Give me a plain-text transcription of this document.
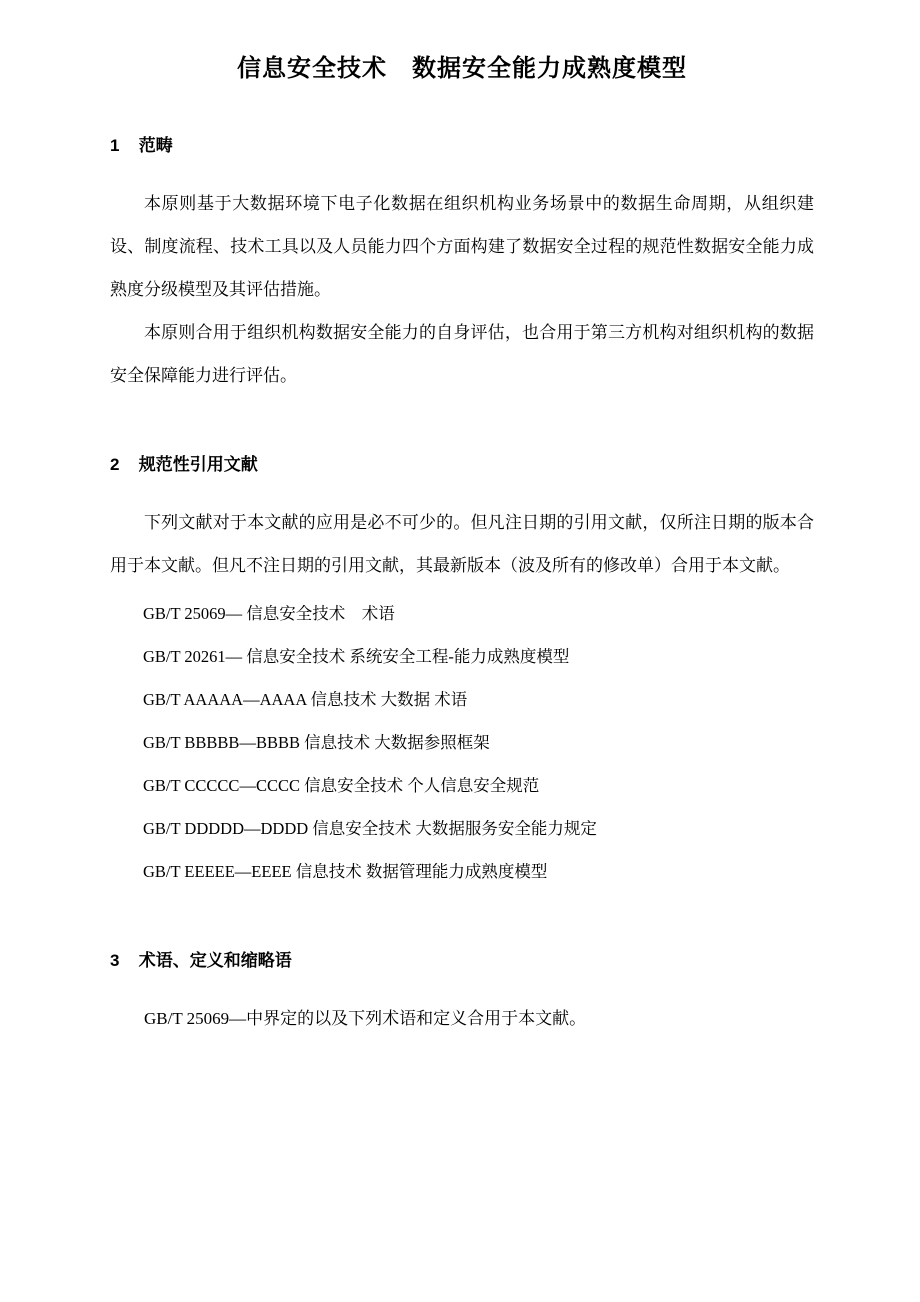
信息安全技术　数据安全能力成熟度模型
1 范畴

本原则基于大数据环境下电子化数据在组织机构业务场景中的数据生命周期，从组织建设、制度流程、技术工具以及人员能力四个方面构建了数据安全过程的规范性数据安全能力成熟度分级模型及其评估措施。

本原则合用于组织机构数据安全能力的自身评估，也合用于第三方机构对组织机构的数据安全保障能力进行评估。

2 规范性引用文献

下列文献对于本文献的应用是必不可少的。但凡注日期的引用文献，仅所注日期的版本合用于本文献。但凡不注日期的引用文献，其最新版本（波及所有的修改单）合用于本文献。

GB/T 25069— 信息安全技术　术语

GB/T 20261— 信息安全技术 系统安全工程-能力成熟度模型

GB/T AAAAA—AAAA 信息技术 大数据 术语

GB/T BBBBB—BBBB 信息技术 大数据参照框架

GB/T CCCCC—CCCC 信息安全技术 个人信息安全规范

GB/T DDDDD—DDDD 信息安全技术 大数据服务安全能力规定

GB/T EEEEE—EEEE 信息技术 数据管理能力成熟度模型

3 术语、定义和缩略语

GB/T 25069—中界定的以及下列术语和定义合用于本文献。
